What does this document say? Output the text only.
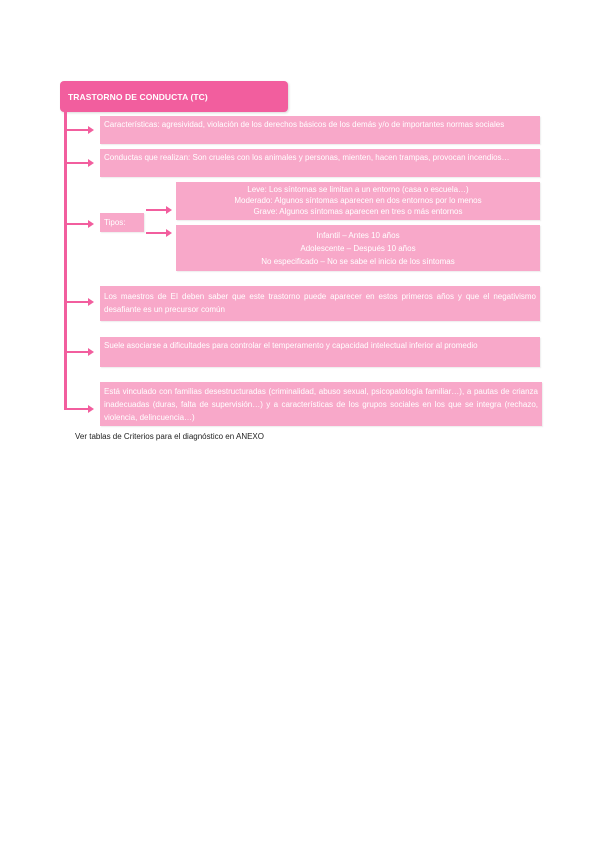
TRASTORNO DE CONDUCTA (TC)
Características: agresividad, violación de los derechos básicos de los demás y/o de importantes normas sociales
Conductas que realizan: Son crueles con los animales y personas, mienten, hacen trampas, provocan incendios…
Tipos:
Leve: Los síntomas se limitan a un entorno (casa o escuela…)
Moderado: Algunos síntomas aparecen en dos entornos por lo menos
Grave: Algunos síntomas aparecen en tres o más entornos
Infantil – Antes 10 años
Adolescente – Después 10 años
No especificado – No se sabe el inicio de los síntomas
Los maestros de EI deben saber que este trastorno puede aparecer en estos primeros años y que el negativismo desafiante es un precursor común
Suele asociarse a dificultades para controlar el temperamento y capacidad intelectual inferior al promedio
Está vinculado con familias desestructuradas (criminalidad, abuso sexual, psicopatología familiar…), a pautas de crianza inadecuadas (duras, falta de supervisión…) y a características de los grupos sociales en los que se integra (rechazo, violencia, delincuencia…)
Ver tablas de Criterios para el diagnóstico en ANEXO
